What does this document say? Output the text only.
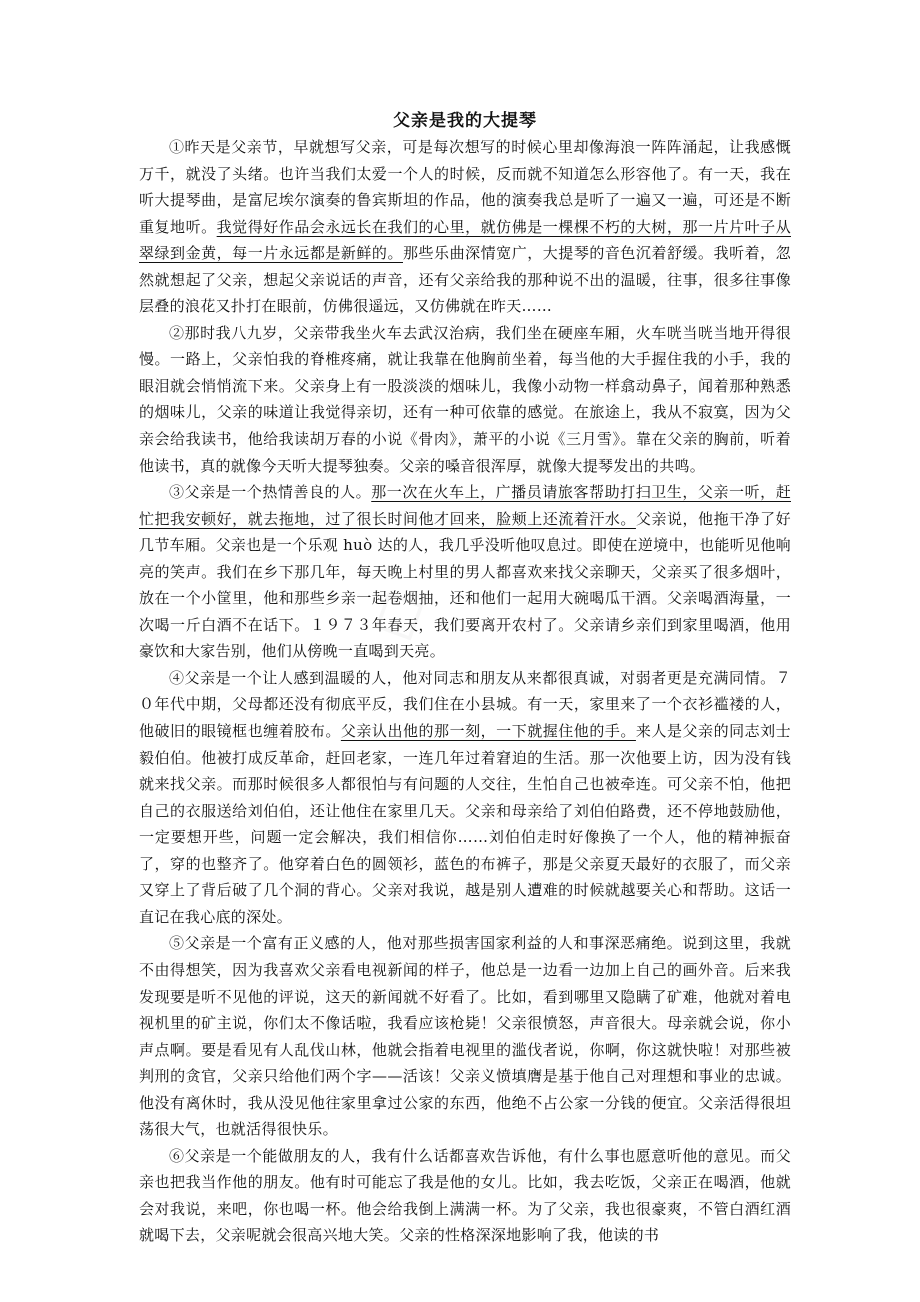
父亲是我的大提琴

①昨天是父亲节，早就想写父亲，可是每次想写的时候心里却像海浪一阵阵涌起，让我感慨万千，就没了头绪。也许当我们太爱一个人的时候，反而就不知道怎么形容他了。有一天，我在听大提琴曲，是富尼埃尔演奏的鲁宾斯坦的作品，他的演奏我总是听了一遍又一遍，可还是不断重复地听。我觉得好作品会永远长在我们的心里，就仿佛是一棵棵不朽的大树，那一片片叶子从翠绿到金黄，每一片永远都是新鲜的。那些乐曲深情宽广，大提琴的音色沉着舒缓。我听着，忽然就想起了父亲，想起父亲说话的声音，还有父亲给我的那种说不出的温暖，往事，很多往事像层叠的浪花又扑打在眼前，仿佛很遥远，又仿佛就在昨天……

②那时我八九岁，父亲带我坐火车去武汉治病，我们坐在硬座车厢，火车咣当咣当地开得很慢。一路上，父亲怕我的脊椎疼痛，就让我靠在他胸前坐着，每当他的大手握住我的小手，我的眼泪就会悄悄流下来。父亲身上有一股淡淡的烟味儿，我像小动物一样翕动鼻子，闻着那种熟悉的烟味儿，父亲的味道让我觉得亲切，还有一种可依靠的感觉。在旅途上，我从不寂寞，因为父亲会给我读书，他给我读胡万春的小说《骨肉》，萧平的小说《三月雪》。靠在父亲的胸前，听着他读书，真的就像今天听大提琴独奏。父亲的嗓音很浑厚，就像大提琴发出的共鸣。

③父亲是一个热情善良的人。那一次在火车上，广播员请旅客帮助打扫卫生，父亲一听，赶忙把我安顿好，就去拖地，过了很长时间他才回来，脸颊上还流着汗水。父亲说，他拖干净了好几节车厢。父亲也是一个乐观 huò 达的人，我几乎没听他叹息过。即使在逆境中，也能听见他响亮的笑声。我们在乡下那几年，每天晚上村里的男人都喜欢来找父亲聊天，父亲买了很多烟叶，放在一个小筐里，他和那些乡亲一起卷烟抽，还和他们一起用大碗喝瓜干酒。父亲喝酒海量，一次喝一斤白酒不在话下。１９７３年春天，我们要离开农村了。父亲请乡亲们到家里喝酒，他用豪饮和大家告别，他们从傍晚一直喝到天亮。

④父亲是一个让人感到温暖的人，他对同志和朋友从来都很真诚，对弱者更是充满同情。７０年代中期，父母都还没有彻底平反，我们住在小县城。有一天，家里来了一个衣衫褴褛的人，他破旧的眼镜框也缠着胶布。父亲认出他的那一刻，一下就握住他的手。来人是父亲的同志刘士毅伯伯。他被打成反革命，赶回老家，一连几年过着窘迫的生活。那一次他要上访，因为没有钱就来找父亲。而那时候很多人都很怕与有问题的人交往，生怕自己也被牵连。可父亲不怕，他把自己的衣服送给刘伯伯，还让他住在家里几天。父亲和母亲给了刘伯伯路费，还不停地鼓励他，一定要想开些，问题一定会解决，我们相信你……刘伯伯走时好像换了一个人，他的精神振奋了，穿的也整齐了。他穿着白色的圆领衫，蓝色的布裤子，那是父亲夏天最好的衣服了，而父亲又穿上了背后破了几个洞的背心。父亲对我说，越是别人遭难的时候就越要关心和帮助。这话一直记在我心底的深处。

⑤父亲是一个富有正义感的人，他对那些损害国家利益的人和事深恶痛绝。说到这里，我就不由得想笑，因为我喜欢父亲看电视新闻的样子，他总是一边看一边加上自己的画外音。后来我发现要是听不见他的评说，这天的新闻就不好看了。比如，看到哪里又隐瞒了矿难，他就对着电视机里的矿主说，你们太不像话啦，我看应该枪毙！父亲很愤怒，声音很大。母亲就会说，你小声点啊。要是看见有人乱伐山林，他就会指着电视里的滥伐者说，你啊，你这就快啦！对那些被判刑的贪官，父亲只给他们两个字——活该！父亲义愤填膺是基于他自己对理想和事业的忠诚。他没有离休时，我从没见他往家里拿过公家的东西，他绝不占公家一分钱的便宜。父亲活得很坦荡很大气，也就活得很快乐。

⑥父亲是一个能做朋友的人，我有什么话都喜欢告诉他，有什么事也愿意听他的意见。而父亲也把我当作他的朋友。他有时可能忘了我是他的女儿。比如，我去吃饭，父亲正在喝酒，他就会对我说，来吧，你也喝一杯。他会给我倒上满满一杯。为了父亲，我也很豪爽，不管白酒红酒就喝下去，父亲呢就会很高兴地大笑。父亲的性格深深地影响了我，他读的书
